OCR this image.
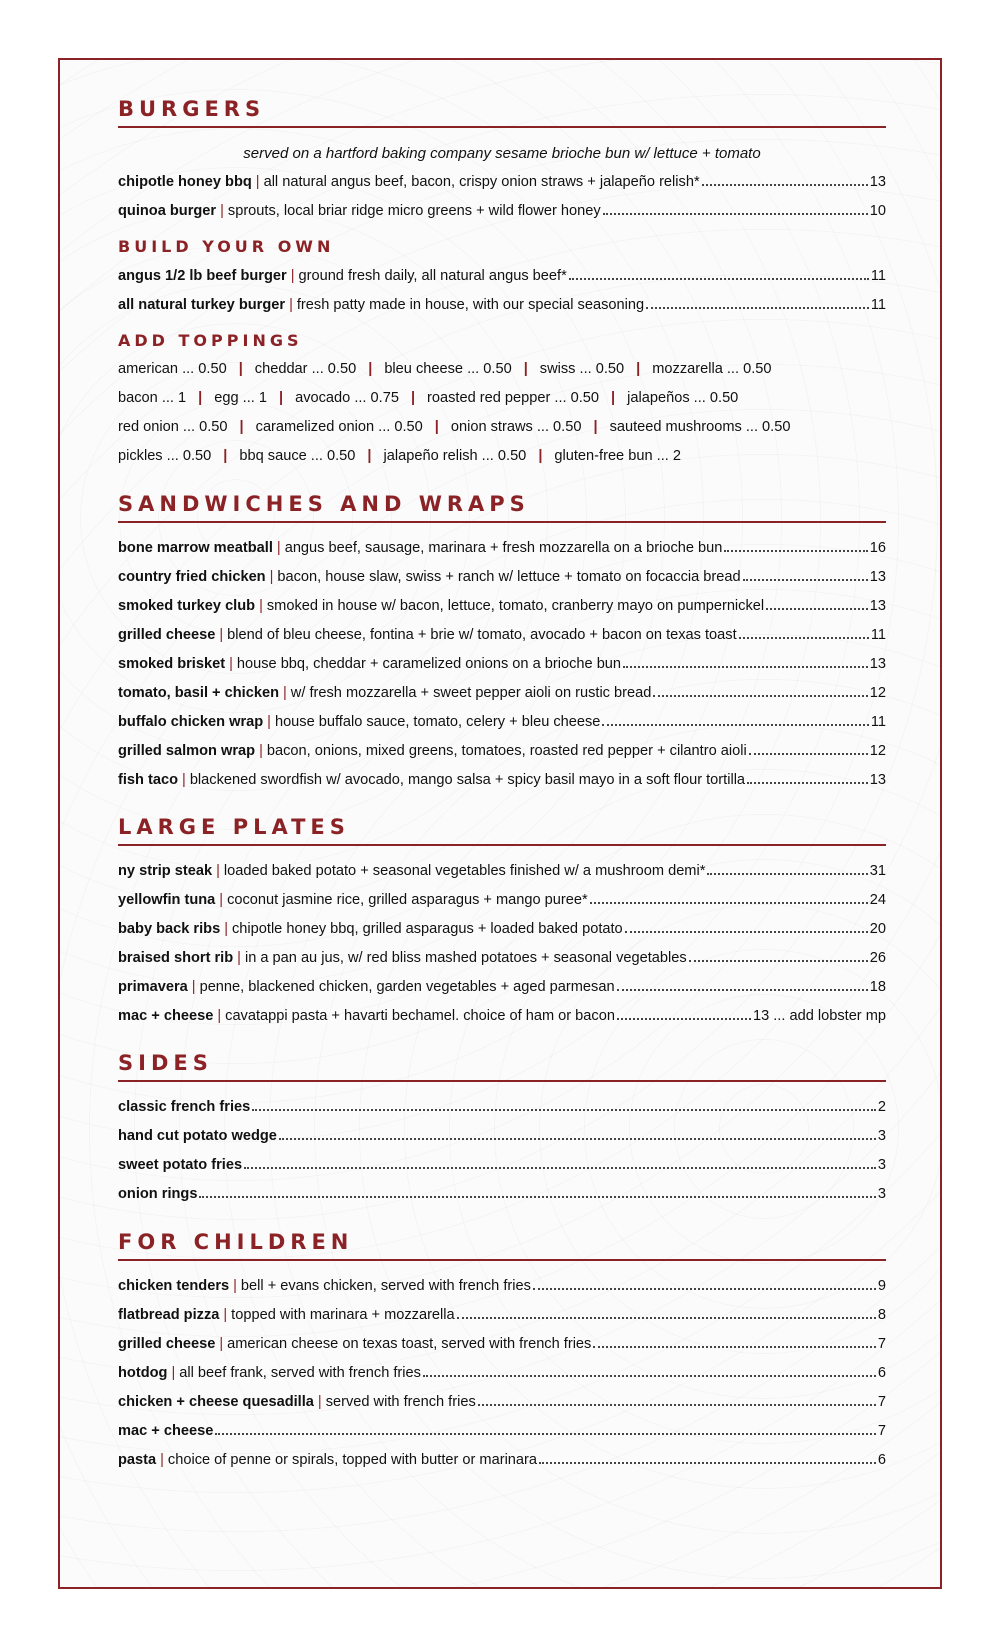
BURGERS
served on a hartford baking company sesame brioche bun w/ lettuce + tomato
chipotle honey bbq | all natural angus beef, bacon, crispy onion straws + jalapeño relish*	13
quinoa burger | sprouts, local briar ridge micro greens + wild flower honey	10
BUILD YOUR OWN
angus 1/2 lb beef burger | ground fresh daily, all natural angus beef*	11
all natural turkey burger | fresh patty made in house, with our special seasoning	11
ADD TOPPINGS
american ... 0.50 | cheddar ... 0.50 | bleu cheese ... 0.50 | swiss ... 0.50 | mozzarella ... 0.50
bacon ... 1 | egg ... 1 | avocado ... 0.75 | roasted red pepper ... 0.50 | jalapeños ... 0.50
red onion ... 0.50 | caramelized onion ... 0.50 | onion straws ... 0.50 | sauteed mushrooms ... 0.50
pickles ... 0.50 | bbq sauce ... 0.50 | jalapeño relish ... 0.50 | gluten-free bun ... 2
SANDWICHES AND WRAPS
bone marrow meatball | angus beef, sausage, marinara + fresh mozzarella on a brioche bun	16
country fried chicken | bacon, house slaw, swiss + ranch w/ lettuce + tomato on focaccia bread	13
smoked turkey club | smoked in house w/ bacon, lettuce, tomato, cranberry mayo on pumpernickel	13
grilled cheese | blend of bleu cheese, fontina + brie w/ tomato, avocado + bacon on texas toast	11
smoked brisket | house bbq, cheddar + caramelized onions on a brioche bun	13
tomato, basil + chicken | w/ fresh mozzarella + sweet pepper aioli on rustic bread	12
buffalo chicken wrap | house buffalo sauce, tomato, celery + bleu cheese	11
grilled salmon wrap | bacon, onions, mixed greens, tomatoes, roasted red pepper + cilantro aioli	12
fish taco | blackened swordfish w/ avocado, mango salsa + spicy basil mayo in a soft flour tortilla	13
LARGE PLATES
ny strip steak | loaded baked potato + seasonal vegetables finished w/ a mushroom demi*	31
yellowfin tuna | coconut jasmine rice, grilled asparagus + mango puree*	24
baby back ribs | chipotle honey bbq, grilled asparagus + loaded baked potato	20
braised short rib | in a pan au jus, w/ red bliss mashed potatoes + seasonal vegetables	26
primavera | penne, blackened chicken, garden vegetables + aged parmesan	18
mac + cheese | cavatappi pasta + havarti bechamel. choice of ham or bacon	13 ... add lobster mp
SIDES
classic french fries	2
hand cut potato wedge	3
sweet potato fries	3
onion rings	3
FOR CHILDREN
chicken tenders | bell + evans chicken, served with french fries	9
flatbread pizza | topped with marinara + mozzarella	8
grilled cheese | american cheese on texas toast, served with french fries	7
hotdog | all beef frank, served with french fries	6
chicken + cheese quesadilla | served with french fries	7
mac + cheese	7
pasta | choice of penne or spirals, topped with butter or marinara	6
